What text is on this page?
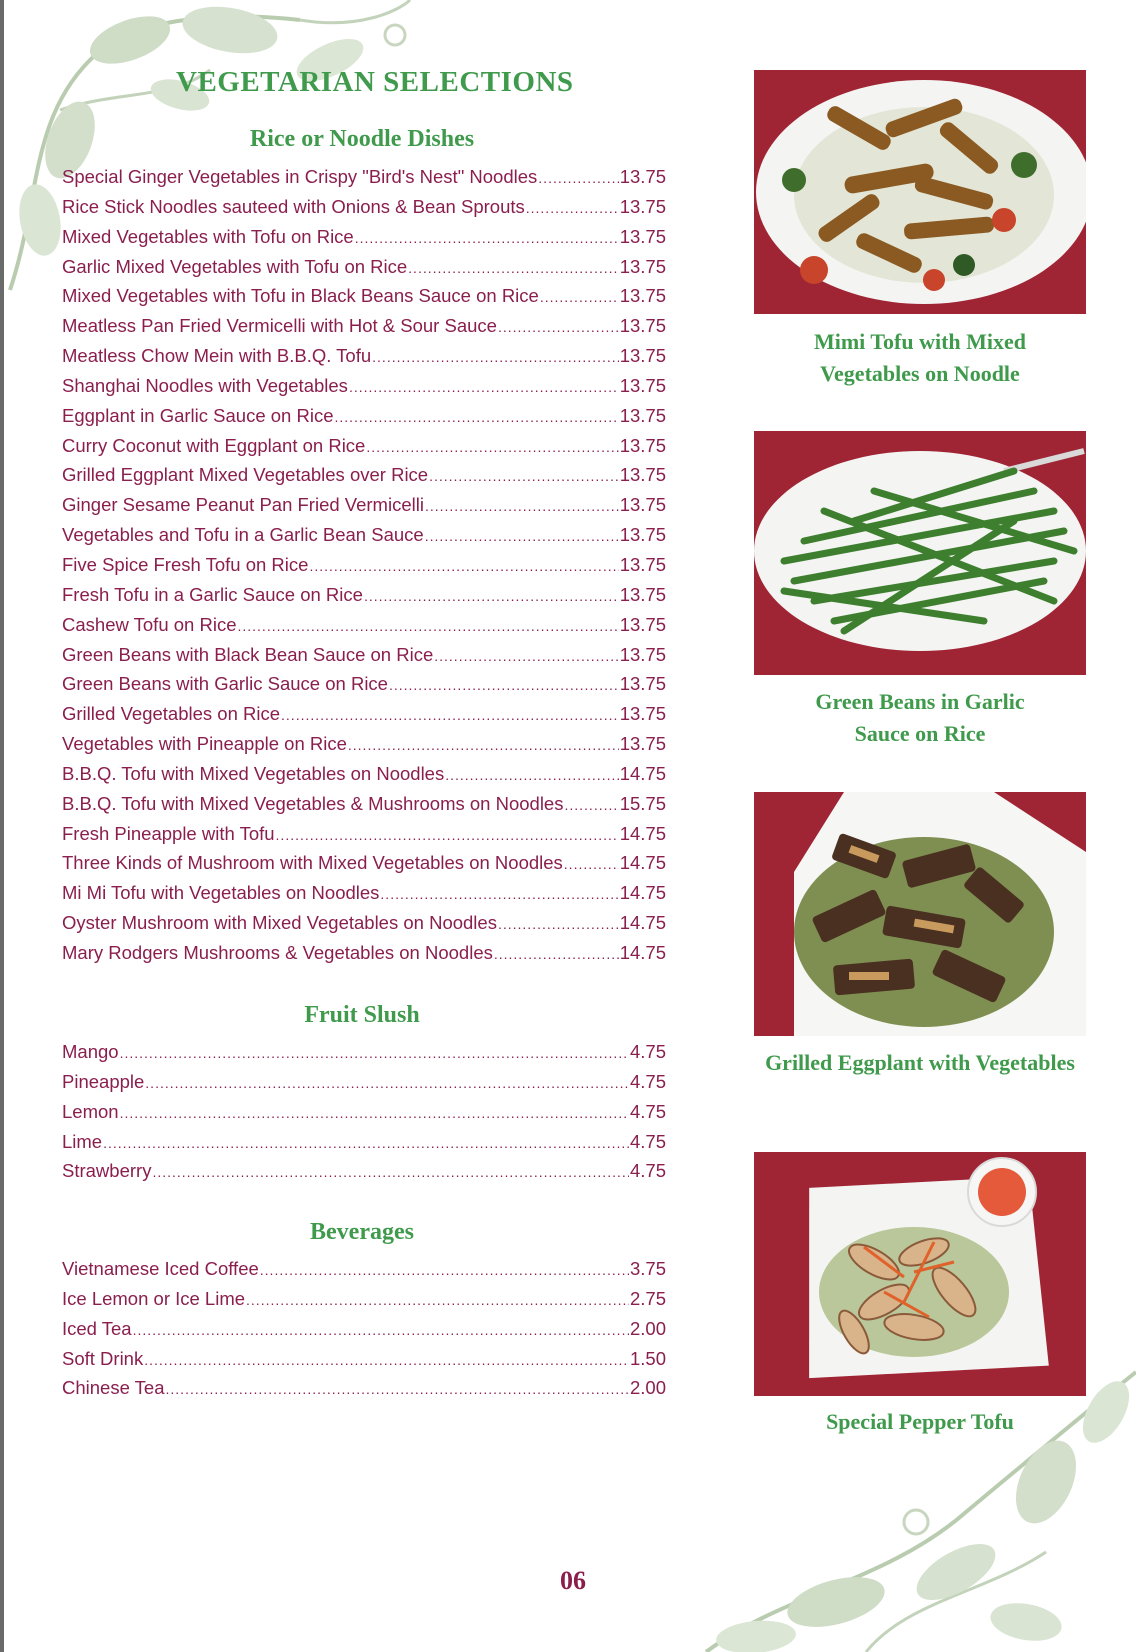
VEGETARIAN SELECTIONS
Rice or Noodle Dishes
Special Ginger Vegetables in Crispy "Bird's Nest" Noodles .....	13.75
Rice Stick Noodles sauteed with Onions & Bean Sprouts .....	13.75
Mixed Vegetables with Tofu on Rice .....	13.75
Garlic Mixed Vegetables with Tofu on Rice .....	13.75
Mixed Vegetables with Tofu in Black Beans Sauce on Rice .....	13.75
Meatless Pan Fried Vermicelli with Hot & Sour Sauce .....	13.75
Meatless Chow Mein with B.B.Q. Tofu .....	13.75
Shanghai Noodles with Vegetables .....	13.75
Eggplant in Garlic Sauce on Rice .....	13.75
Curry Coconut with Eggplant on Rice .....	13.75
Grilled Eggplant Mixed Vegetables over Rice .....	13.75
Ginger Sesame Peanut Pan Fried Vermicelli .....	13.75
Vegetables and Tofu in a Garlic Bean Sauce .....	13.75
Five Spice Fresh Tofu on Rice .....	13.75
Fresh Tofu in a Garlic Sauce on Rice .....	13.75
Cashew Tofu on Rice .....	13.75
Green Beans with Black Bean Sauce on Rice .....	13.75
Green Beans with Garlic Sauce on Rice .....	13.75
Grilled Vegetables on Rice .....	13.75
Vegetables with Pineapple on Rice .....	13.75
B.B.Q. Tofu with Mixed Vegetables on Noodles .....	14.75
B.B.Q. Tofu with Mixed Vegetables & Mushrooms on Noodles .....	15.75
Fresh Pineapple with Tofu .....	14.75
Three Kinds of Mushroom with Mixed Vegetables on Noodles .....	14.75
Mi Mi Tofu with Vegetables on Noodles .....	14.75
Oyster Mushroom with Mixed Vegetables on Noodles .....	14.75
Mary Rodgers Mushrooms & Vegetables on Noodles .....	14.75
Fruit Slush
Mango .....	4.75
Pineapple .....	4.75
Lemon .....	4.75
Lime .....	4.75
Strawberry .....	4.75
Beverages
Vietnamese Iced Coffee .....	3.75
Ice Lemon or Ice Lime .....	2.75
Iced Tea .....	2.00
Soft Drink .....	1.50
Chinese Tea .....	2.00

Mimi Tofu with Mixed
Vegetables on Noodle

Green Beans in Garlic
Sauce on Rice

Grilled Eggplant with Vegetables

Special Pepper Tofu

06
